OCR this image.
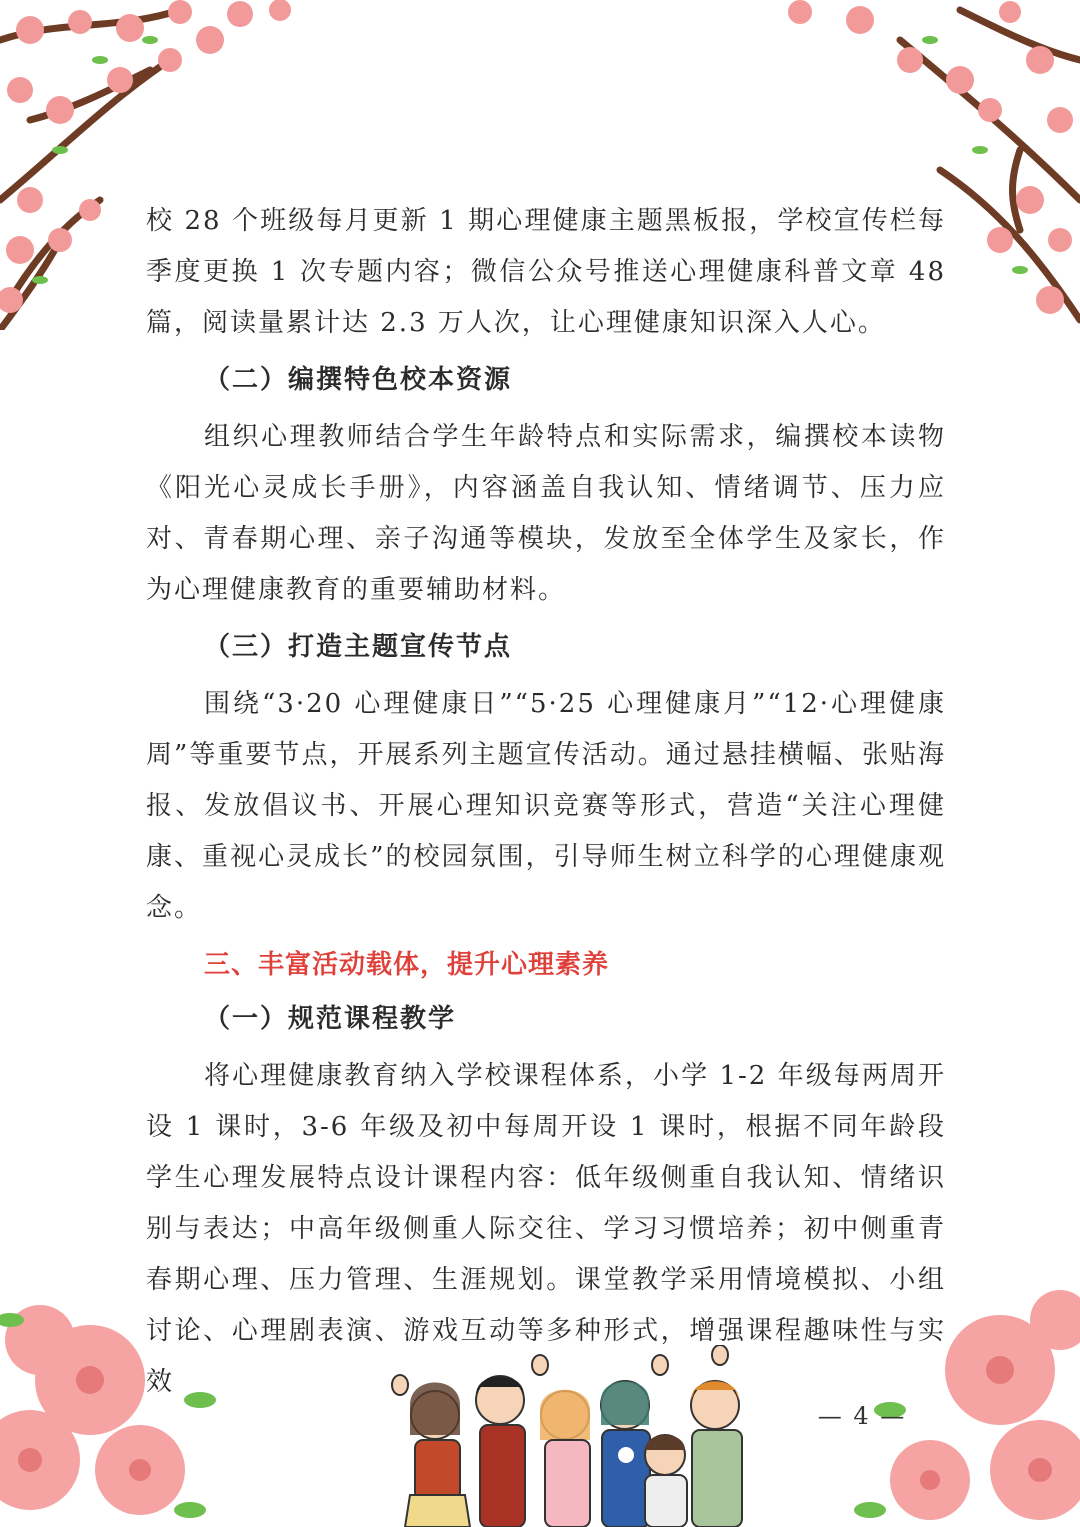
校 28 个班级每月更新 1 期心理健康主题黑板报，学校宣传栏每季度更换 1 次专题内容；微信公众号推送心理健康科普文章 48 篇，阅读量累计达 2.3 万人次，让心理健康知识深入人心。

（二）编撰特色校本资源

组织心理教师结合学生年龄特点和实际需求，编撰校本读物《阳光心灵成长手册》，内容涵盖自我认知、情绪调节、压力应对、青春期心理、亲子沟通等模块，发放至全体学生及家长，作为心理健康教育的重要辅助材料。

（三）打造主题宣传节点

围绕“3·20 心理健康日”“5·25 心理健康月”“12·心理健康周”等重要节点，开展系列主题宣传活动。通过悬挂横幅、张贴海报、发放倡议书、开展心理知识竞赛等形式，营造“关注心理健康、重视心灵成长”的校园氛围，引导师生树立科学的心理健康观念。

三、丰富活动载体，提升心理素养

（一）规范课程教学

将心理健康教育纳入学校课程体系，小学 1-2 年级每两周开设 1 课时，3-6 年级及初中每周开设 1 课时，根据不同年龄段学生心理发展特点设计课程内容：低年级侧重自我认知、情绪识别与表达；中高年级侧重人际交往、学习习惯培养；初中侧重青春期心理、压力管理、生涯规划。课堂教学采用情境模拟、小组讨论、心理剧表演、游戏互动等多种形式，增强课程趣味性与实效

— 4 —
